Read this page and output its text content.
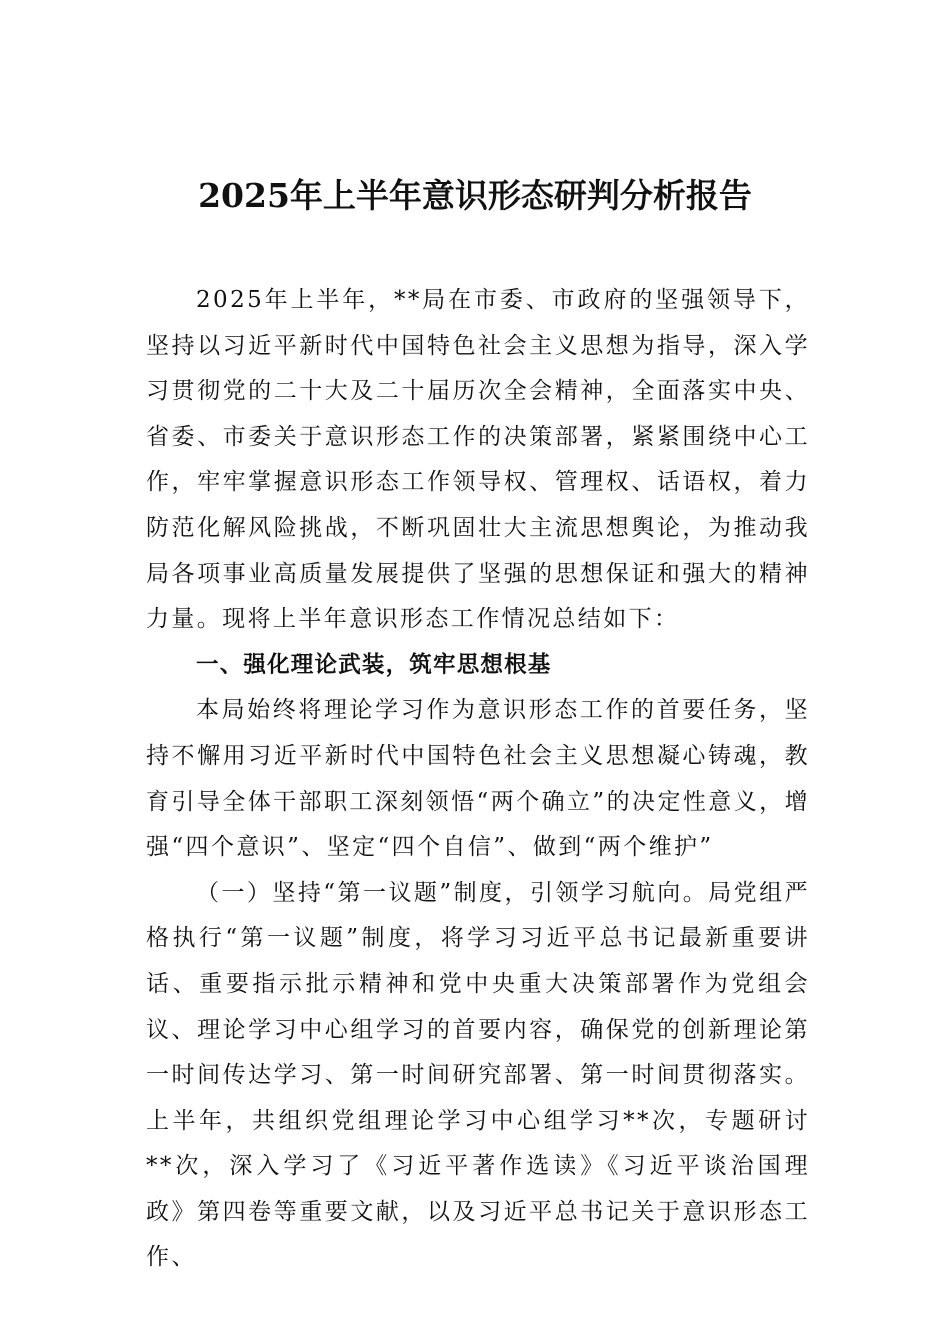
2025年上半年意识形态研判分析报告

2025年上半年，**局在市委、市政府的坚强领导下，坚持以习近平新时代中国特色社会主义思想为指导，深入学习贯彻党的二十大及二十届历次全会精神，全面落实中央、省委、市委关于意识形态工作的决策部署，紧紧围绕中心工作，牢牢掌握意识形态工作领导权、管理权、话语权，着力防范化解风险挑战，不断巩固壮大主流思想舆论，为推动我局各项事业高质量发展提供了坚强的思想保证和强大的精神力量。现将上半年意识形态工作情况总结如下：

一、强化理论武装，筑牢思想根基

本局始终将理论学习作为意识形态工作的首要任务，坚持不懈用习近平新时代中国特色社会主义思想凝心铸魂，教育引导全体干部职工深刻领悟“两个确立”的决定性意义，增强“四个意识”、坚定“四个自信”、做到“两个维护”

（一）坚持“第一议题”制度，引领学习航向。局党组严格执行“第一议题”制度，将学习习近平总书记最新重要讲话、重要指示批示精神和党中央重大决策部署作为党组会议、理论学习中心组学习的首要内容，确保党的创新理论第一时间传达学习、第一时间研究部署、第一时间贯彻落实。上半年，共组织党组理论学习中心组学习**次，专题研讨**次，深入学习了《习近平著作选读》《习近平谈治国理政》第四卷等重要文献，以及习近平总书记关于意识形态工作、
